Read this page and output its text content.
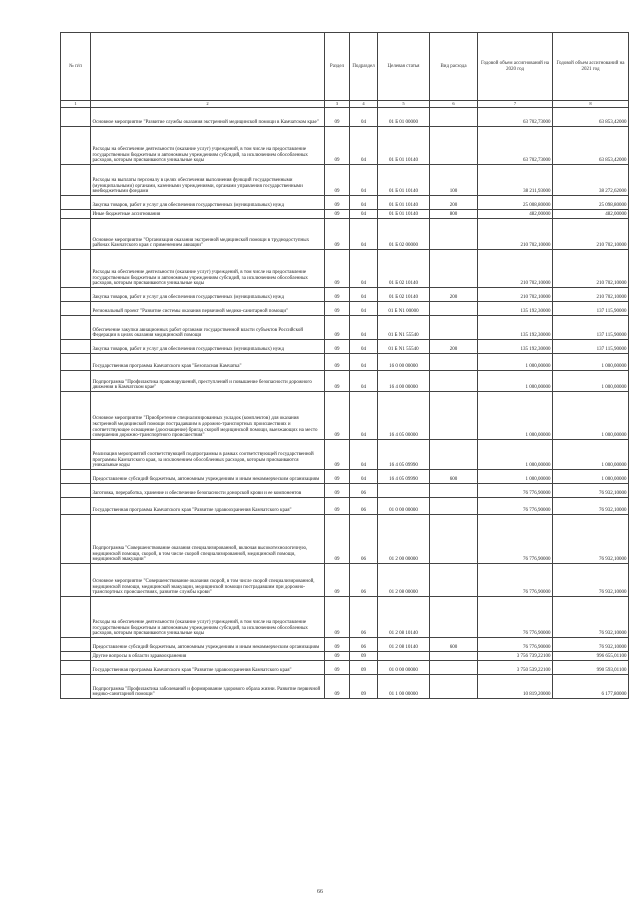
№ п/п		Раздел	Подраздел	Целевая статья	Вид расхода	Годовой объем ассигнований на 2020 год	Годовой объем ассигнований на 2021 год
1	2	3	4	5	6	7	8
	Основное мероприятие "Развитие службы оказания экстренной медицинской помощи в Камчатском крае"	09	04	01 Б 01 00000		63 702,73000	63 853,42000
	Расходы на обеспечение деятельности (оказание услуг) учреждений, в том числе на предоставление государственным бюджетным и автономным учреждениям субсидий, за исключением обособленных расходов, которым присваиваются уникальные коды	09	04	01 Б 01 10140		63 702,73000	63 853,42000
	Расходы на выплаты персоналу в целях обеспечения выполнения функций государственными (муниципальными) органами, казенными учреждениями, органами управления государственными внебюджетными фондами	09	04	01 Б 01 10140	100	38 211,93000	38 272,62000
	Закупка товаров, работ и услуг для обеспечения государственных (муниципальных) нужд	09	04	01 Б 01 10140	200	25 008,80000	25 098,80000
	Иные бюджетные ассигнования	09	04	01 Б 01 10140	800	482,00000	482,00000
	Основное мероприятие "Организация оказания экстренной медицинской помощи в труднодоступных районах Камчатского края с применением авиации"	09	04	01 Б 02 00000		210 702,10000	210 702,10000
	Расходы на обеспечение деятельности (оказание услуг) учреждений, в том числе на предоставление государственным бюджетным и автономным учреждениям субсидий, за исключением обособленных расходов, которым присваиваются уникальные коды	09	04	01 Б 02 10140		210 702,10000	210 702,10000
	Закупка товаров, работ и услуг для обеспечения государственных (муниципальных) нужд	09	04	01 Б 02 10140	200	210 702,10000	210 702,10000
	Региональный проект "Развитие системы оказания первичной медико-санитарной помощи"	09	04	01 Б N1 00000		135 192,30000	137 115,90000
	Обеспечение закупки авиационных работ органами государственной власти субъектов Российской Федерации в целях оказания медицинской помощи	09	04	01 Б N1 55540		135 192,30000	137 115,90000
	Закупка товаров, работ и услуг для обеспечения государственных (муниципальных) нужд	09	04	01 Б N1 55540	200	135 192,30000	137 115,90000
	Государственная программа Камчатского края "Безопасная Камчатка"	09	04	16 0 00 00000		1 000,00000	1 000,00000
	Подпрограмма "Профилактика правонарушений, преступлений и повышение безопасности дорожного движения в Камчатском крае"	09	04	16 4 00 00000		1 000,00000	1 000,00000
	Основное мероприятие "Приобретение специализированных укладок (комплектов) для оказания экстренной медицинской помощи пострадавшим в дорожно-транспортных происшествиях и соответствующее оснащение (дооснащение) бригад скорой медицинской помощи, выезжающих на место совершения дорожно-транспортного происшествия"	09	04	16 4 05 00000		1 000,00000	1 000,00000
	Реализация мероприятий соответствующей подпрограммы в рамках соответствующей государственной программы Камчатского края, за исключением обособленных расходов, которым присваиваются уникальные коды	09	04	16 4 05 09990		1 000,00000	1 000,00000
	Предоставление субсидий бюджетным, автономным учреждениям и иным некоммерческим организациям	09	04	16 4 05 09990	600	1 000,00000	1 000,00000
	Заготовка, переработка, хранение и обеспечение безопасности донорской крови и ее компонентов	09	06			76 776,90000	76 932,10000
	Государственная программа Камчатского края "Развитие здравоохранения Камчатского края"	09	06	01 0 00 00000		76 776,90000	76 932,10000
	Подпрограмма "Совершенствование оказания специализированной, включая высокотехнологичную, медицинской помощи, скорой, в том числе скорой специализированной, медицинской помощи, медицинской эвакуации"	09	06	01 2 00 00000		76 776,90000	76 932,10000
	Основное мероприятие "Совершенствование оказания скорой, в том числе скорой специализированной, медицинской помощи, медицинской эвакуации, медицинской помощи пострадавшим при дорожно-транспортных происшествиях, развитие службы крови"	09	06	01 2 08 00000		76 776,90000	76 932,10000
	Расходы на обеспечение деятельности (оказание услуг) учреждений, в том числе на предоставление государственным бюджетным и автономным учреждениям субсидий, за исключением обособленных расходов, которым присваиваются уникальные коды	09	06	01 2 08 10140		76 776,90000	76 932,10000
	Предоставление субсидий бюджетным, автономным учреждениям и иным некоммерческим организациям	09	06	01 2 08 10140	600	76 776,90000	76 932,10000
	Другие вопросы в области здравоохранения	09	09			3 756 739,22100	996 655,01100
	Государственная программа Камчатского края "Развитие здравоохранения Камчатского края"	09	09	01 0 00 00000		3 750 539,22100	990 593,01100
	Подпрограмма "Профилактика заболеваний и формирование здорового образа жизни. Развитие первичной медико-санитарной помощи"	09	09	01 1 00 00000		10 819,20000	6 177,80000
66
